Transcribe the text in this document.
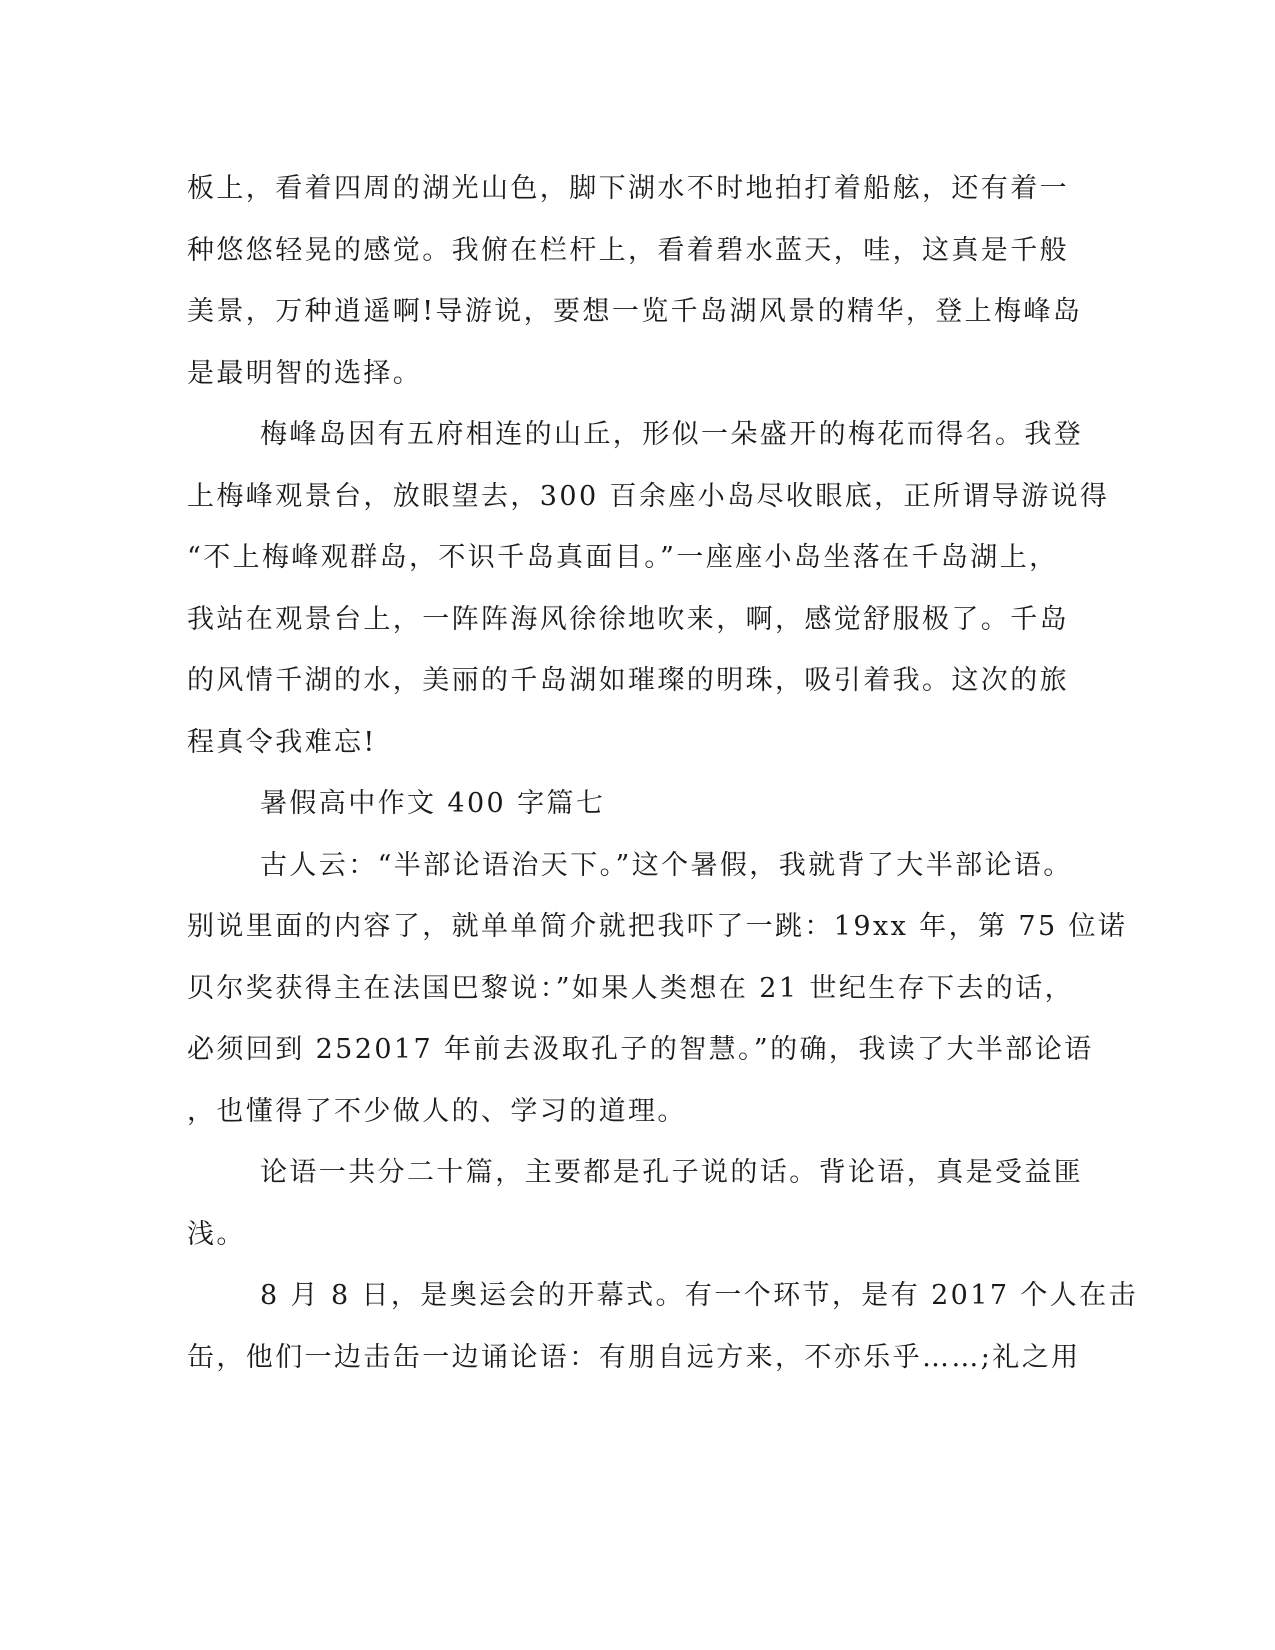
板上，看着四周的湖光山色，脚下湖水不时地拍打着船舷，还有着一
种悠悠轻晃的感觉。我俯在栏杆上，看着碧水蓝天，哇，这真是千般
美景，万种逍遥啊!导游说，要想一览千岛湖风景的精华，登上梅峰岛
是最明智的选择。
梅峰岛因有五府相连的山丘，形似一朵盛开的梅花而得名。我登
上梅峰观景台，放眼望去，300 百余座小岛尽收眼底，正所谓导游说得
“不上梅峰观群岛，不识千岛真面目。”一座座小岛坐落在千岛湖上，
我站在观景台上，一阵阵海风徐徐地吹来，啊，感觉舒服极了。千岛
的风情千湖的水，美丽的千岛湖如璀璨的明珠，吸引着我。这次的旅
程真令我难忘!
暑假高中作文 400 字篇七
古人云：“半部论语治天下。”这个暑假，我就背了大半部论语。
别说里面的内容了，就单单简介就把我吓了一跳：19xx 年，第 75 位诺
贝尔奖获得主在法国巴黎说：”如果人类想在 21 世纪生存下去的话，
必须回到 252017 年前去汲取孔子的智慧。”的确，我读了大半部论语
，也懂得了不少做人的、学习的道理。
论语一共分二十篇，主要都是孔子说的话。背论语，真是受益匪
浅。
8 月 8 日，是奥运会的开幕式。有一个环节，是有 2017 个人在击
缶，他们一边击缶一边诵论语：有朋自远方来，不亦乐乎……;礼之用
